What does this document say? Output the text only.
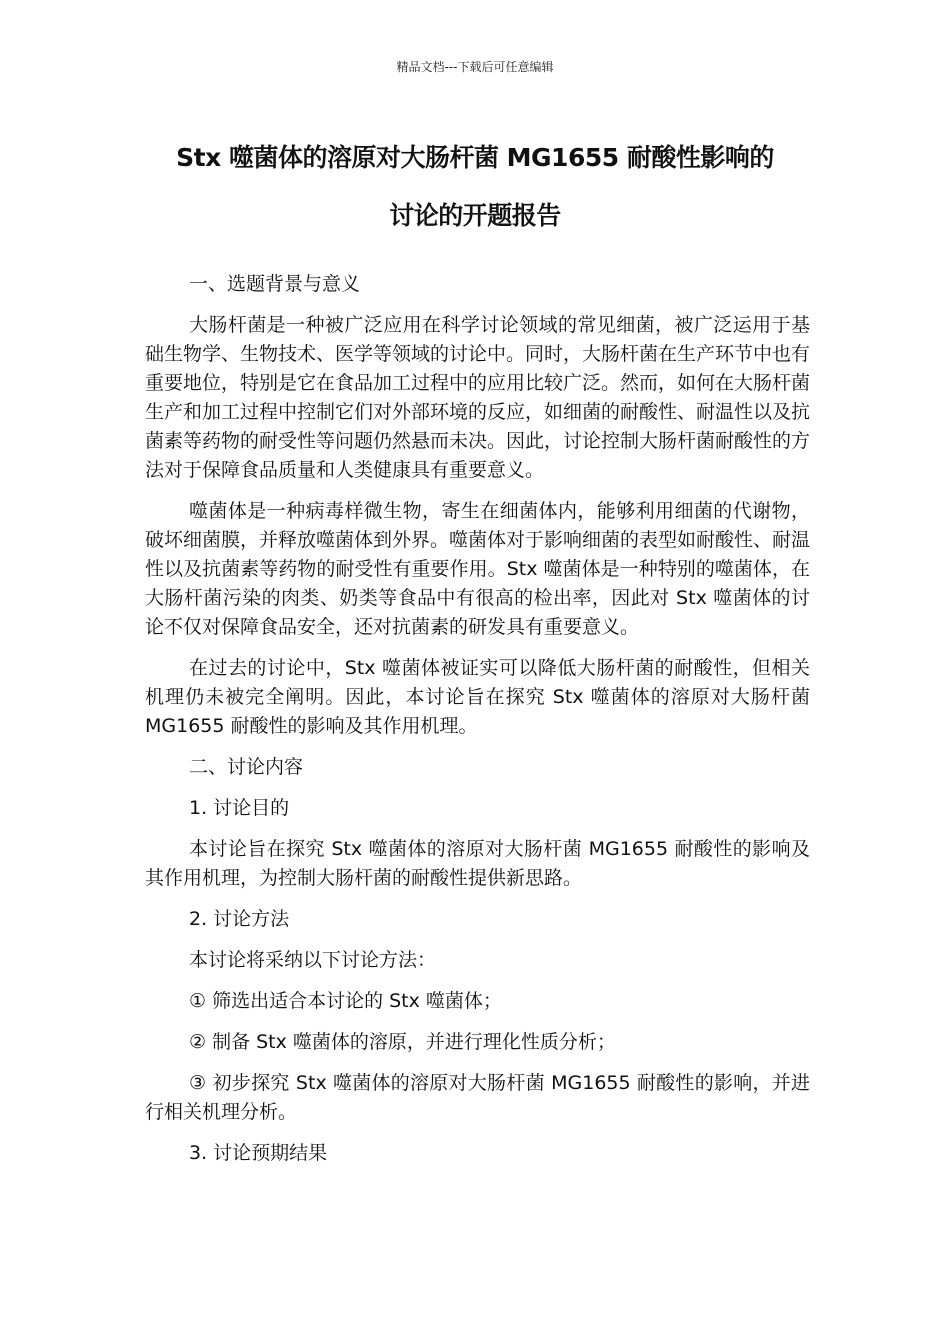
精品文档---下载后可任意编辑
Stx 噬菌体的溶原对大肠杆菌 MG1655 耐酸性影响的
讨论的开题报告

一、选题背景与意义

大肠杆菌是一种被广泛应用在科学讨论领域的常见细菌，被广泛运用于基础生物学、生物技术、医学等领域的讨论中。同时，大肠杆菌在生产环节中也有重要地位，特别是它在食品加工过程中的应用比较广泛。然而，如何在大肠杆菌生产和加工过程中控制它们对外部环境的反应，如细菌的耐酸性、耐温性以及抗菌素等药物的耐受性等问题仍然悬而未决。因此，讨论控制大肠杆菌耐酸性的方法对于保障食品质量和人类健康具有重要意义。

噬菌体是一种病毒样微生物，寄生在细菌体内，能够利用细菌的代谢物，破坏细菌膜，并释放噬菌体到外界。噬菌体对于影响细菌的表型如耐酸性、耐温性以及抗菌素等药物的耐受性有重要作用。Stx 噬菌体是一种特别的噬菌体，在大肠杆菌污染的肉类、奶类等食品中有很高的检出率，因此对 Stx 噬菌体的讨论不仅对保障食品安全，还对抗菌素的研发具有重要意义。

在过去的讨论中，Stx 噬菌体被证实可以降低大肠杆菌的耐酸性，但相关机理仍未被完全阐明。因此，本讨论旨在探究 Stx 噬菌体的溶原对大肠杆菌 MG1655 耐酸性的影响及其作用机理。

二、讨论内容

1. 讨论目的

本讨论旨在探究 Stx 噬菌体的溶原对大肠杆菌 MG1655 耐酸性的影响及其作用机理，为控制大肠杆菌的耐酸性提供新思路。

2. 讨论方法

本讨论将采纳以下讨论方法：

① 筛选出适合本讨论的 Stx 噬菌体；

② 制备 Stx 噬菌体的溶原，并进行理化性质分析；

③ 初步探究 Stx 噬菌体的溶原对大肠杆菌 MG1655 耐酸性的影响，并进行相关机理分析。

3. 讨论预期结果
